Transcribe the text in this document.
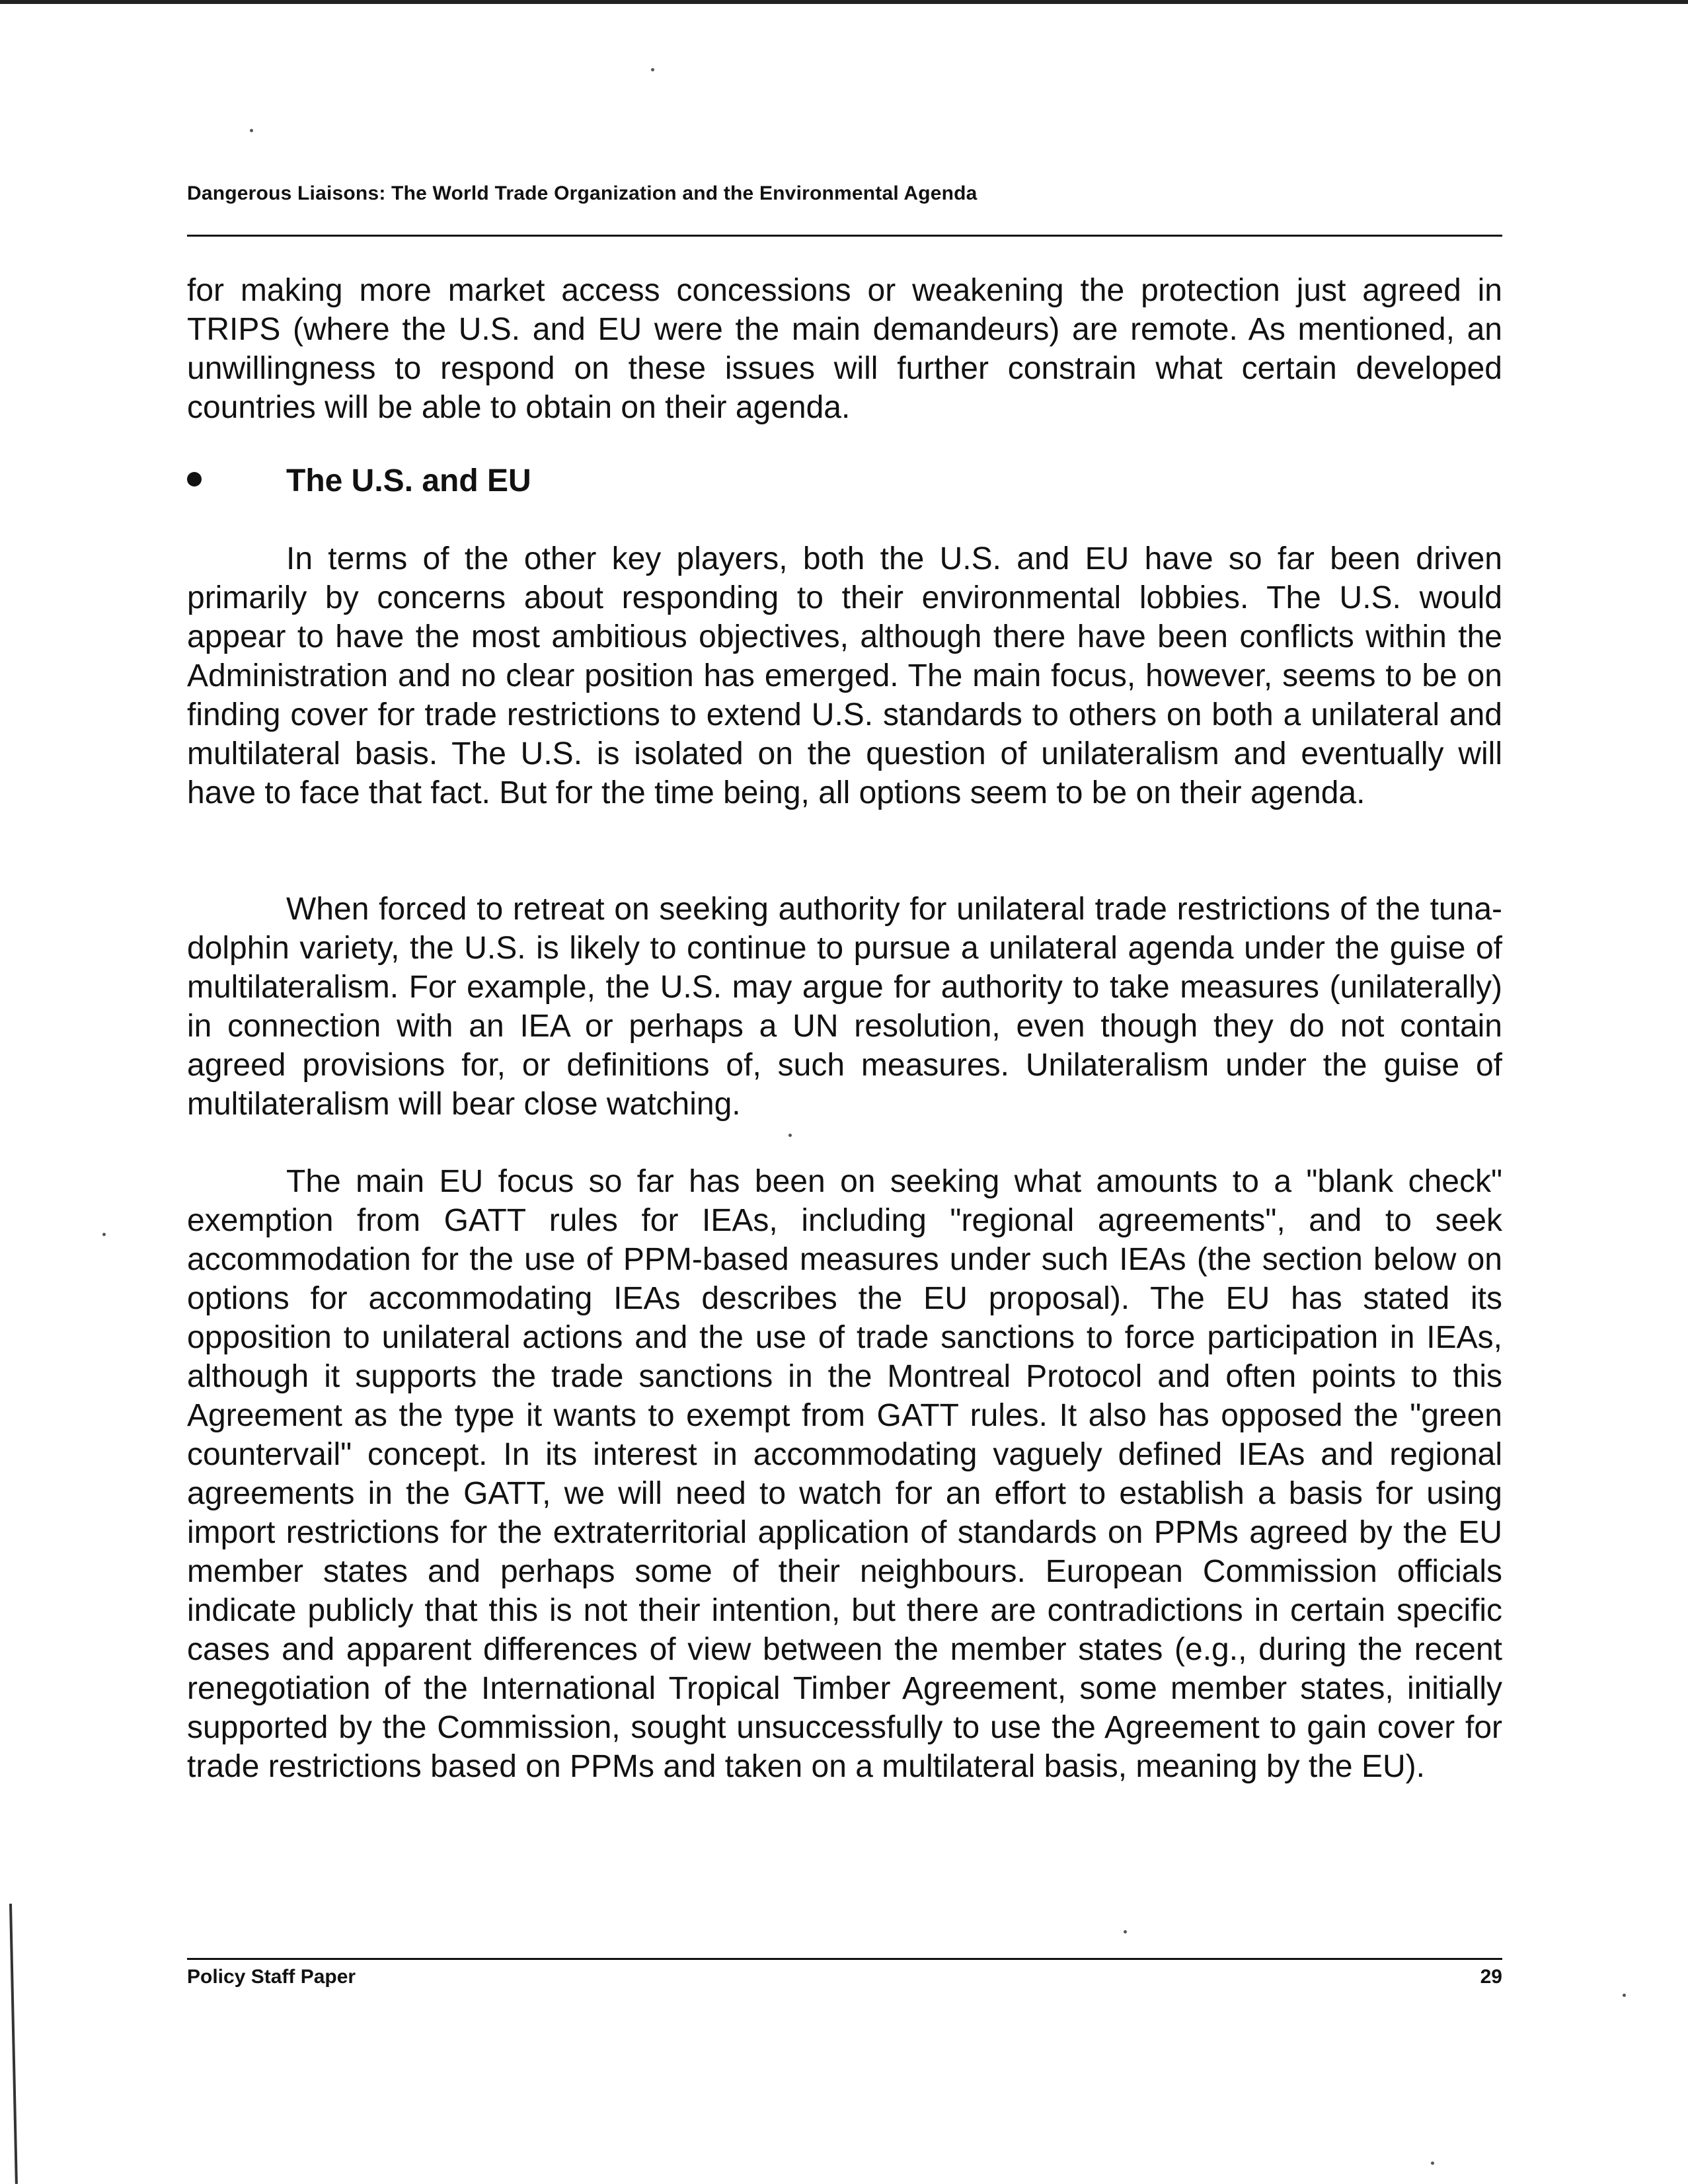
Dangerous Liaisons: The World Trade Organization and the Environmental Agenda

for making more market access concessions or weakening the protection just agreed in TRIPS (where the U.S. and EU were the main demandeurs) are remote. As mentioned, an unwillingness to respond on these issues will further constrain what certain developed countries will be able to obtain on their agenda.

The U.S. and EU

In terms of the other key players, both the U.S. and EU have so far been driven primarily by concerns about responding to their environmental lobbies. The U.S. would appear to have the most ambitious objectives, although there have been conflicts within the Administration and no clear position has emerged. The main focus, however, seems to be on finding cover for trade restrictions to extend U.S. standards to others on both a unilateral and multilateral basis. The U.S. is isolated on the question of unilateralism and eventually will have to face that fact. But for the time being, all options seem to be on their agenda.

When forced to retreat on seeking authority for unilateral trade restrictions of the tuna-dolphin variety, the U.S. is likely to continue to pursue a unilateral agenda under the guise of multilateralism. For example, the U.S. may argue for authority to take measures (unilaterally) in connection with an IEA or perhaps a UN resolution, even though they do not contain agreed provisions for, or definitions of, such measures. Unilateralism under the guise of multilateralism will bear close watching.

The main EU focus so far has been on seeking what amounts to a "blank check" exemption from GATT rules for IEAs, including "regional agreements", and to seek accommodation for the use of PPM-based measures under such IEAs (the section below on options for accommodating IEAs describes the EU proposal). The EU has stated its opposition to unilateral actions and the use of trade sanctions to force participation in IEAs, although it supports the trade sanctions in the Montreal Protocol and often points to this Agreement as the type it wants to exempt from GATT rules. It also has opposed the "green countervail" concept. In its interest in accommodating vaguely defined IEAs and regional agreements in the GATT, we will need to watch for an effort to establish a basis for using import restrictions for the extraterritorial application of standards on PPMs agreed by the EU member states and perhaps some of their neighbours. European Commission officials indicate publicly that this is not their intention, but there are contradictions in certain specific cases and apparent differences of view between the member states (e.g., during the recent renegotiation of the International Tropical Timber Agreement, some member states, initially supported by the Commission, sought unsuccessfully to use the Agreement to gain cover for trade restrictions based on PPMs and taken on a multilateral basis, meaning by the EU).

Policy Staff Paper	29
